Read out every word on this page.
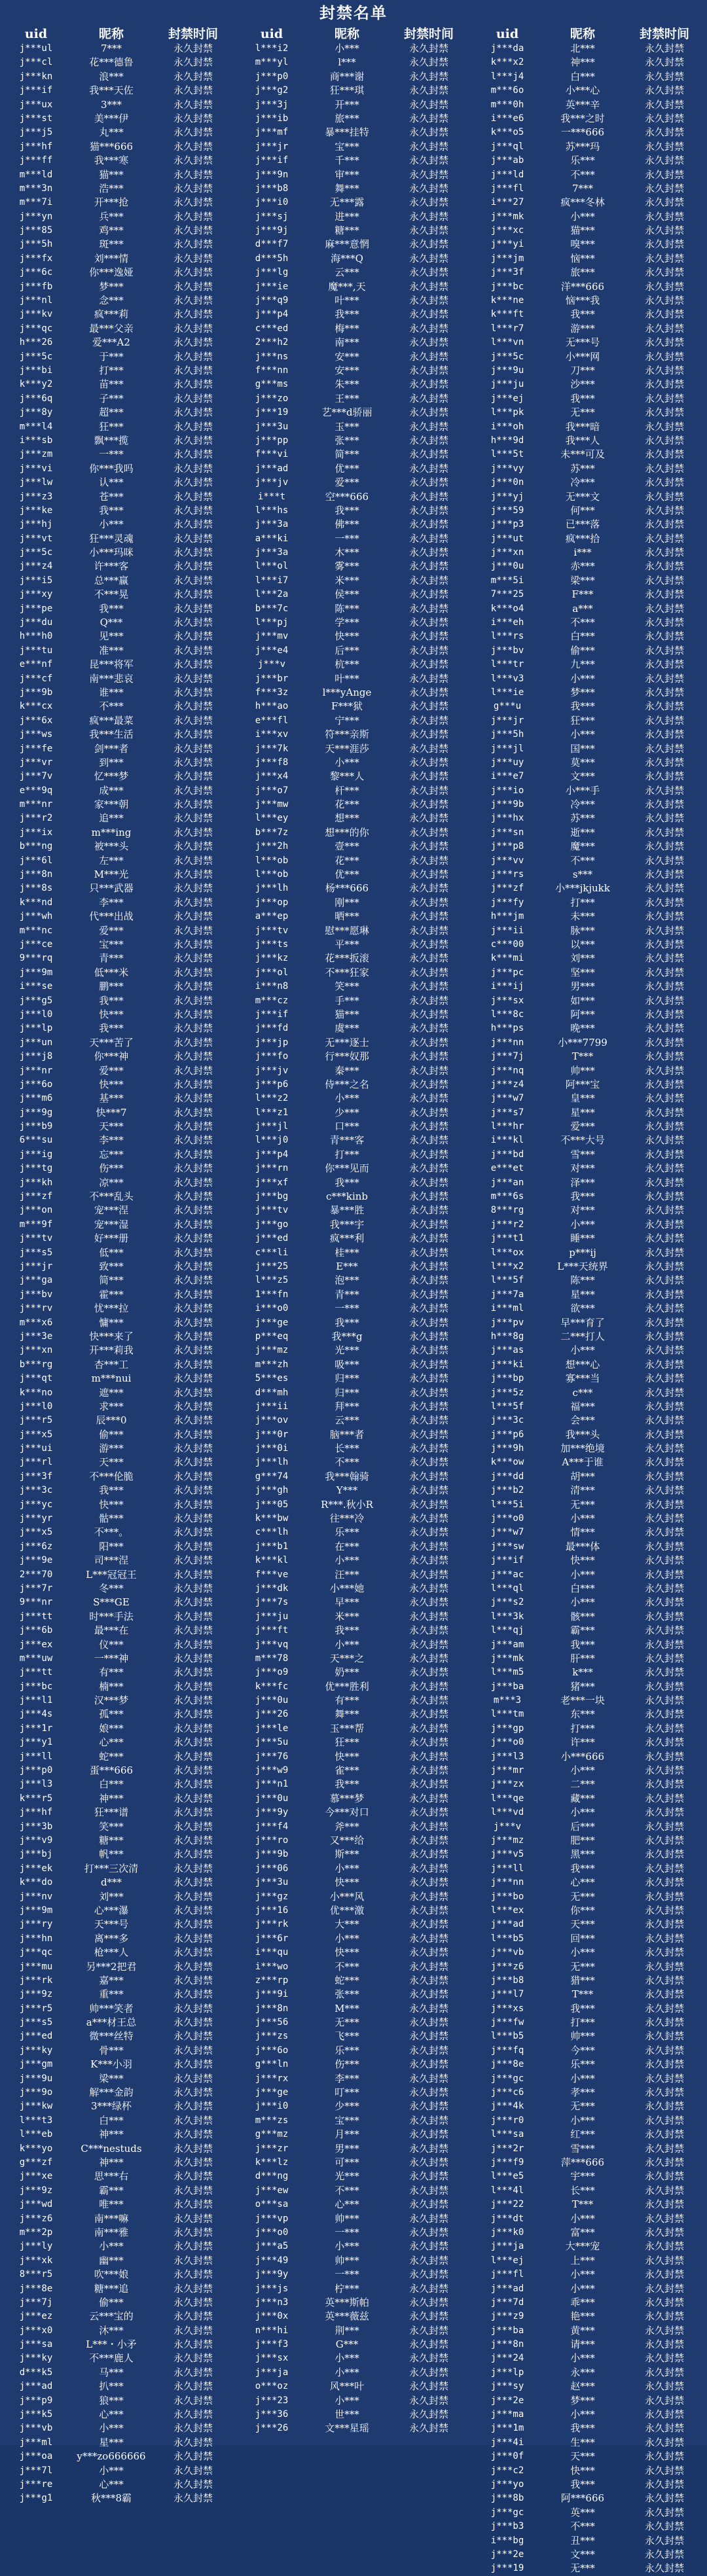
封禁名单
uid	昵称	封禁时间
j***ul	7***	永久封禁
j***cl	花***德鲁	永久封禁
j***kn	浪***	永久封禁
j***if	我***天佐	永久封禁
j***ux	3***	永久封禁
j***st	美***伊	永久封禁
j***j5	丸***	永久封禁
j***hf	猫***666	永久封禁
j***ff	我***寒	永久封禁
m***ld	猫***	永久封禁
m***3n	浩***	永久封禁
m***7i	开***抢	永久封禁
j***yn	兵***	永久封禁
j***85	鸡***	永久封禁
j***5h	斑***	永久封禁
j***fx	刘***情	永久封禁
j***6c	你***逸娅	永久封禁
j***fb	梦***	永久封禁
j***nl	念***	永久封禁
j***kv	疯***莉	永久封禁
j***qc	最***父亲	永久封禁
h***26	爱***A2	永久封禁
j***5c	于***	永久封禁
j***bi	打***	永久封禁
k***y2	苗***	永久封禁
j***6q	子***	永久封禁
j***8y	超***	永久封禁
m***l4	狂***	永久封禁
i***sb	飘***揽	永久封禁
j***zm	一***	永久封禁
j***vi	你***我吗	永久封禁
j***lw	认***	永久封禁
j***z3	苍***	永久封禁
j***ke	我***	永久封禁
j***hj	小***	永久封禁
j***vt	狂***灵魂	永久封禁
j***5c	小***玛咪	永久封禁
j***z4	许***客	永久封禁
j***i5	总***赢	永久封禁
j***xy	不***晃	永久封禁
j***pe	我***	永久封禁
j***du	Q***	永久封禁
h***h0	见***	永久封禁
j***tu	准***	永久封禁
e***nf	昆***将军	永久封禁
j***cf	南***悲哀	永久封禁
j***9b	谁***	永久封禁
k***cx	不***	永久封禁
j***6x	疯***最菜	永久封禁
j***ws	我***生活	永久封禁
j***fe	剑***者	永久封禁
j***vr	到***	永久封禁
j***7v	忆***梦	永久封禁
e***9q	成***	永久封禁
m***nr	家***朝	永久封禁
j***r2	追***	永久封禁
j***ix	m***ing	永久封禁
b***ng	被***头	永久封禁
j***6l	左***	永久封禁
j***8n	M***光	永久封禁
j***8s	只***武器	永久封禁
k***nd	李***	永久封禁
j***wh	代***出战	永久封禁
m***nc	爱***	永久封禁
j***ce	宝***	永久封禁
9***rq	青***	永久封禁
j***9m	低***米	永久封禁
i***se	鹏***	永久封禁
j***g5	我***	永久封禁
j***l0	快***	永久封禁
j***lp	我***	永久封禁
j***un	天***苦了	永久封禁
j***j8	你***神	永久封禁
j***nr	爱***	永久封禁
j***6o	快***	永久封禁
j***m6	基***	永久封禁
j***9g	快***7	永久封禁
j***b9	天***	永久封禁
6***su	李***	永久封禁
j***ig	忘***	永久封禁
j***tg	伤***	永久封禁
j***kh	凉***	永久封禁
j***zf	不***乱头	永久封禁
j***on	宠***涅	永久封禁
m***9f	宠***湿	永久封禁
j***tv	好***册	永久封禁
j***s5	低***	永久封禁
j***jr	致***	永久封禁
j***ga	简***	永久封禁
j***bv	霍***	永久封禁
j***rv	忧***拉	永久封禁
m***x6	慵***	永久封禁
j***3e	快***来了	永久封禁
j***xn	开***莉我	永久封禁
b***rg	杏***工	永久封禁
j***qt	m***nui	永久封禁
k***no	遮***	永久封禁
j***l0	求***	永久封禁
j***r5	辰***0	永久封禁
j***x5	偷***	永久封禁
j***ui	游***	永久封禁
j***rl	天***	永久封禁
j***3f	不***伦脆	永久封禁
j***3c	我***	永久封禁
j***yc	快***	永久封禁
j***yr	骷***	永久封禁
j***x5	不***。	永久封禁
j***6z	阳***	永久封禁
j***9e	司***涅	永久封禁
2***70	L***冠冠王	永久封禁
j***7r	冬***	永久封禁
9***nr	S***GE	永久封禁
j***tt	时***手法	永久封禁
j***6b	最***在	永久封禁
j***ex	仪***	永久封禁
m***uw	一***神	永久封禁
j***tt	有***	永久封禁
j***bc	楠***	永久封禁
j***l1	汉***梦	永久封禁
j***4s	孤***	永久封禁
j***1r	娘***	永久封禁
j***y1	心***	永久封禁
j***ll	蛇***	永久封禁
j***p0	蛋***666	永久封禁
j***l3	白***	永久封禁
k***r5	神***	永久封禁
j***hf	狂***谱	永久封禁
j***3b	笑***	永久封禁
j***v9	糖***	永久封禁
j***bj	帆***	永久封禁
j***ek	打***三次清	永久封禁
k***do	d***	永久封禁
j***nv	刘***	永久封禁
j***9m	心***瀑	永久封禁
j***ry	天***号	永久封禁
j***hn	离***多	永久封禁
j***qc	枪***人	永久封禁
j***mu	另***2把君	永久封禁
j***rk	嘉***	永久封禁
j***9z	重***	永久封禁
j***r5	帅***笑者	永久封禁
j***s5	a***材王总	永久封禁
j***ed	微***丝特	永久封禁
j***ky	骨***	永久封禁
j***gm	K***小羽	永久封禁
j***9u	梁***	永久封禁
j***9o	解***金韵	永久封禁
j***kw	3***绿杯	永久封禁
l***t3	白***	永久封禁
l***eb	神***	永久封禁
k***yo	C***nestuds	永久封禁
g***zf	神***	永久封禁
j***xe	思***右	永久封禁
j***9z	霸***	永久封禁
j***wd	唯***	永久封禁
j***z6	南***嘛	永久封禁
m***2p	南***雅	永久封禁
j***ly	小***	永久封禁
j***xk	幽***	永久封禁
8***r5	吹***娘	永久封禁
j***8e	糖***追	永久封禁
j***7j	偷***	永久封禁
j***ez	云***宝的	永久封禁
j***x0	沐***	永久封禁
j***sa	L***・小矛	永久封禁
j***ky	不***鹿人	永久封禁
d***k5	马***	永久封禁
j***ad	扒***	永久封禁
j***p9	狼***	永久封禁
j***k5	心***	永久封禁
j***vb	小***	永久封禁
j***ml	星***	永久封禁
j***oa	y***zo666666	永久封禁
j***7l	小***	永久封禁
j***re	心***	永久封禁
j***g1	秋***8霸	永久封禁
uid	昵称	封禁时间
l***i2	小***	永久封禁
m***yl	l***	永久封禁
j***p0	商***谢	永久封禁
j***g2	狂***琪	永久封禁
j***3j	开***	永久封禁
j***ib	旅***	永久封禁
j***mf	暴***挂特	永久封禁
j***jr	宝***	永久封禁
j***if	千***	永久封禁
j***9n	审***	永久封禁
j***b8	舞***	永久封禁
j***i0	无***露	永久封禁
j***sj	进***	永久封禁
j***9j	糖***	永久封禁
d***f7	麻***意惘	永久封禁
d***5h	海***Q	永久封禁
j***lg	云***	永久封禁
j***ie	魔***,天	永久封禁
j***q9	叶***	永久封禁
j***p4	我***	永久封禁
c***ed	梅***	永久封禁
2***h2	南***	永久封禁
j***ns	安***	永久封禁
f***nn	安***	永久封禁
g***ms	朱***	永久封禁
j***zo	王***	永久封禁
j***19	艺***d骄丽	永久封禁
j***3u	玉***	永久封禁
j***pp	张***	永久封禁
f***vi	简***	永久封禁
j***ad	优***	永久封禁
j***jv	爱***	永久封禁
i***t	空***666	永久封禁
l***hs	我***	永久封禁
j***3a	佛***	永久封禁
a***ki	一***	永久封禁
j***3a	木***	永久封禁
l***ol	雾***	永久封禁
l***i7	米***	永久封禁
l***2a	侯***	永久封禁
b***7c	陈***	永久封禁
l***pj	学***	永久封禁
j***mv	快***	永久封禁
j***e4	后***	永久封禁
j***v	杭***	永久封禁
j***br	叶***	永久封禁
f***3z	l***yAnge	永久封禁
h***ao	F***狱	永久封禁
e***fl	宁***	永久封禁
i***xv	符***亲斯	永久封禁
j***7k	天***涯莎	永久封禁
j***f8	小***	永久封禁
j***x4	黎***人	永久封禁
j***o7	杆***	永久封禁
j***mw	花***	永久封禁
l***ey	想***	永久封禁
b***7z	想***的你	永久封禁
j***2h	壹***	永久封禁
l***ob	花***	永久封禁
l***ob	优***	永久封禁
j***lh	杨***666	永久封禁
j***op	刚***	永久封禁
a***ep	晒***	永久封禁
j***tv	慰***愿琳	永久封禁
j***ts	平***	永久封禁
j***kz	花***扳滚	永久封禁
j***ol	不***狂家	永久封禁
i***n8	笑***	永久封禁
m***cz	手***	永久封禁
j***if	猫***	永久封禁
j***fd	虞***	永久封禁
j***jp	无***逐士	永久封禁
j***fo	行***奴那	永久封禁
j***jv	秦***	永久封禁
j***p6	侍***之名	永久封禁
l***z2	小***	永久封禁
l***z1	少***	永久封禁
j***jl	口***	永久封禁
l***j0	青***客	永久封禁
j***p4	打***	永久封禁
j***rn	你***见而	永久封禁
j***xf	我***	永久封禁
j***bg	c***kinb	永久封禁
j***tv	暴***胜	永久封禁
j***go	我***宇	永久封禁
j***ed	疯***利	永久封禁
c***li	桂***	永久封禁
j***25	E***	永久封禁
l***z5	泡***	永久封禁
1***fn	青***	永久封禁
i***o0	一***	永久封禁
j***ge	我***	永久封禁
p***eq	我***g	永久封禁
j***mz	光***	永久封禁
m***zh	吸***	永久封禁
5***es	归***	永久封禁
d***mh	归***	永久封禁
j***ii	拜***	永久封禁
j***ov	云***	永久封禁
j***0r	脑***者	永久封禁
j***0i	长***	永久封禁
j***lh	不***	永久封禁
g***74	我***翰骑	永久封禁
j***gh	Y***	永久封禁
j***05	R***.秋小R	永久封禁
k***bw	往***冷	永久封禁
c***lh	乐***	永久封禁
j***b1	在***	永久封禁
k***kl	小***	永久封禁
f***ve	汪***	永久封禁
j***dk	小***她	永久封禁
j***7s	早***	永久封禁
j***ju	米***	永久封禁
j***ft	我***	永久封禁
j***vq	小***	永久封禁
m***78	天***之	永久封禁
j***o9	奶***	永久封禁
k***fc	优***胜利	永久封禁
j***0u	有***	永久封禁
j***26	舞***	永久封禁
j***le	玉***帮	永久封禁
j***5u	狂***	永久封禁
j***76	快***	永久封禁
j***w9	雀***	永久封禁
j***n1	我***	永久封禁
j***0u	慕***梦	永久封禁
j***9y	今***对口	永久封禁
j***f4	斧***	永久封禁
j***ro	又***给	永久封禁
j***9b	斯***	永久封禁
j***06	小***	永久封禁
j***3u	快***	永久封禁
j***gz	小***风	永久封禁
j***16	优***激	永久封禁
j***rk	大***	永久封禁
j***6r	小***	永久封禁
i***qu	快***	永久封禁
i***wo	不***	永久封禁
z***rp	蛇***	永久封禁
j***9i	张***	永久封禁
j***8n	M***	永久封禁
j***56	无***	永久封禁
j***zs	飞***	永久封禁
j***6o	乐***	永久封禁
g***ln	伤***	永久封禁
j***rx	李***	永久封禁
j***ge	叮***	永久封禁
j***i0	少***	永久封禁
m***zs	宝***	永久封禁
g***mz	月***	永久封禁
j***zr	男***	永久封禁
k***lz	可***	永久封禁
d***ng	光***	永久封禁
j***ew	不***	永久封禁
o***sa	心***	永久封禁
j***vp	帅***	永久封禁
j***o0	一***	永久封禁
j***a5	小***	永久封禁
j***49	帅***	永久封禁
j***9y	一***	永久封禁
j***js	柠***	永久封禁
j***n3	英***斯帕	永久封禁
j***0x	英***薇兹	永久封禁
n***hi	荆***	永久封禁
j***f3	G***	永久封禁
j***sx	小***	永久封禁
j***ja	小***	永久封禁
o***oz	风***叶	永久封禁
j***23	小***	永久封禁
j***36	世***	永久封禁
j***26	文***星瑶	永久封禁
uid	昵称	封禁时间
j***da	北***	永久封禁
k***x2	神***	永久封禁
l***j4	白***	永久封禁
m***6o	小***心	永久封禁
m***0h	英***辛	永久封禁
i***e6	我***之时	永久封禁
k***o5	一***666	永久封禁
j***ql	苏***玛	永久封禁
j***ab	乐***	永久封禁
j***ld	不***	永久封禁
j***fl	7***	永久封禁
i***27	疯***冬林	永久封禁
j***mk	小***	永久封禁
j***xc	猫***	永久封禁
j***yi	嗅***	永久封禁
j***jm	恼***	永久封禁
j***3f	旅***	永久封禁
j***bc	洋***666	永久封禁
k***ne	恼***我	永久封禁
k***ft	我***	永久封禁
l***r7	游***	永久封禁
l***vn	无***号	永久封禁
j***5c	小***网	永久封禁
j***9u	刀***	永久封禁
j***ju	沙***	永久封禁
j***ej	我***	永久封禁
l***pk	无***	永久封禁
i***oh	我***暗	永久封禁
h***9d	我***人	永久封禁
l***5t	未***可及	永久封禁
j***vy	苏***	永久封禁
j***0n	冷***	永久封禁
j***yj	无***文	永久封禁
j***59	何***	永久封禁
j***p3	已***落	永久封禁
j***ut	疯***拾	永久封禁
j***xn	i***	永久封禁
j***0u	赤***	永久封禁
m***5i	梁***	永久封禁
7***25	F***	永久封禁
k***o4	a***	永久封禁
i***eh	不***	永久封禁
l***rs	白***	永久封禁
j***bv	偷***	永久封禁
l***tr	九***	永久封禁
l***v3	小***	永久封禁
l***ie	梦***	永久封禁
g***u	我***	永久封禁
j***jr	狂***	永久封禁
j***5h	小***	永久封禁
j***jl	国***	永久封禁
j***uy	莫***	永久封禁
i***e7	文***	永久封禁
j***io	小***手	永久封禁
j***9b	冷***	永久封禁
j***hx	苏***	永久封禁
j***sn	逝***	永久封禁
j***p8	魔***	永久封禁
j***vv	不***	永久封禁
j***rs	s***	永久封禁
j***zf	小***jkjukk	永久封禁
j***fy	打***	永久封禁
h***jm	未***	永久封禁
j***ii	脉***	永久封禁
c***00	以***	永久封禁
k***mi	刘***	永久封禁
j***pc	坚***	永久封禁
i***ij	男***	永久封禁
j***sx	如***	永久封禁
l***8c	阿***	永久封禁
h***ps	晚***	永久封禁
j***nn	小***7799	永久封禁
j***7j	T***	永久封禁
j***nq	帅***	永久封禁
j***z4	阿***宝	永久封禁
j***w7	皇***	永久封禁
j***s7	星***	永久封禁
l***hr	爱***	永久封禁
i***kl	不***大号	永久封禁
j***bd	雪***	永久封禁
e***et	对***	永久封禁
j***an	泽***	永久封禁
m***6s	我***	永久封禁
8***rg	对***	永久封禁
j***r2	小***	永久封禁
j***t1	睡***	永久封禁
l***ox	p***ij	永久封禁
l***x2	L***天统界	永久封禁
l***5f	陈***	永久封禁
j***7a	星***	永久封禁
i***ml	欲***	永久封禁
j***pv	早***育了	永久封禁
h***8g	二***打人	永久封禁
j***as	小***	永久封禁
j***ki	想***心	永久封禁
j***bp	寡***当	永久封禁
j***5z	c***	永久封禁
l***5f	福***	永久封禁
j***3c	会***	永久封禁
j***p6	我***头	永久封禁
j***9h	加***绝境	永久封禁
k***ow	A***于谁	永久封禁
j***dd	胡***	永久封禁
j***b2	清***	永久封禁
l***5i	无***	永久封禁
j***o0	小***	永久封禁
j***w7	情***	永久封禁
j***sw	最***体	永久封禁
j***if	快***	永久封禁
j***ac	小***	永久封禁
l***ql	白***	永久封禁
j***s2	小***	永久封禁
l***3k	骸***	永久封禁
l***qj	霸***	永久封禁
j***am	我***	永久封禁
j***mk	肝***	永久封禁
l***m5	k***	永久封禁
j***ba	猪***	永久封禁
m***3	老***一块	永久封禁
l***tm	东***	永久封禁
j***gp	打***	永久封禁
j***o0	许***	永久封禁
j***l3	小***666	永久封禁
j***mr	小***	永久封禁
j***zx	二***	永久封禁
l***qe	藏***	永久封禁
l***vd	小***	永久封禁
j***v	后***	永久封禁
j***mz	肥***	永久封禁
j***v5	黑***	永久封禁
j***ll	我***	永久封禁
j***nn	心***	永久封禁
j***bo	无***	永久封禁
l***ex	你***	永久封禁
j***ad	天***	永久封禁
l***b5	回***	永久封禁
j***vb	小***	永久封禁
j***z6	无***	永久封禁
j***b8	猎***	永久封禁
j***l7	T***	永久封禁
j***xs	我***	永久封禁
j***fw	打***	永久封禁
l***b5	帅***	永久封禁
j***fq	今***	永久封禁
j***8e	乐***	永久封禁
j***gc	小***	永久封禁
j***c6	孝***	永久封禁
j***4k	无***	永久封禁
j***r0	小***	永久封禁
l***sa	红***	永久封禁
j***2r	雪***	永久封禁
j***f9	萍***666	永久封禁
l***e5	宇***	永久封禁
l***4l	长***	永久封禁
j***22	T***	永久封禁
j***dt	小***	永久封禁
j***k0	富***	永久封禁
j***ja	大***宠	永久封禁
l***ej	上***	永久封禁
j***fl	小***	永久封禁
j***ad	小***	永久封禁
j***7d	乖***	永久封禁
j***z9	艳***	永久封禁
j***ba	黄***	永久封禁
j***8n	请***	永久封禁
j***24	小***	永久封禁
j***lp	永***	永久封禁
j***sy	赵***	永久封禁
j***2e	梦***	永久封禁
j***ma	小***	永久封禁
j***1m	我***	永久封禁
j***4i	生***	永久封禁
j***0f	天***	永久封禁
j***c2	快***	永久封禁
j***yo	我***	永久封禁
j***8b	阿***666	永久封禁
j***gc	英***	永久封禁
j***b3	不***	永久封禁
i***bg	丑***	永久封禁
j***2e	文***	永久封禁
j***19	无***	永久封禁
